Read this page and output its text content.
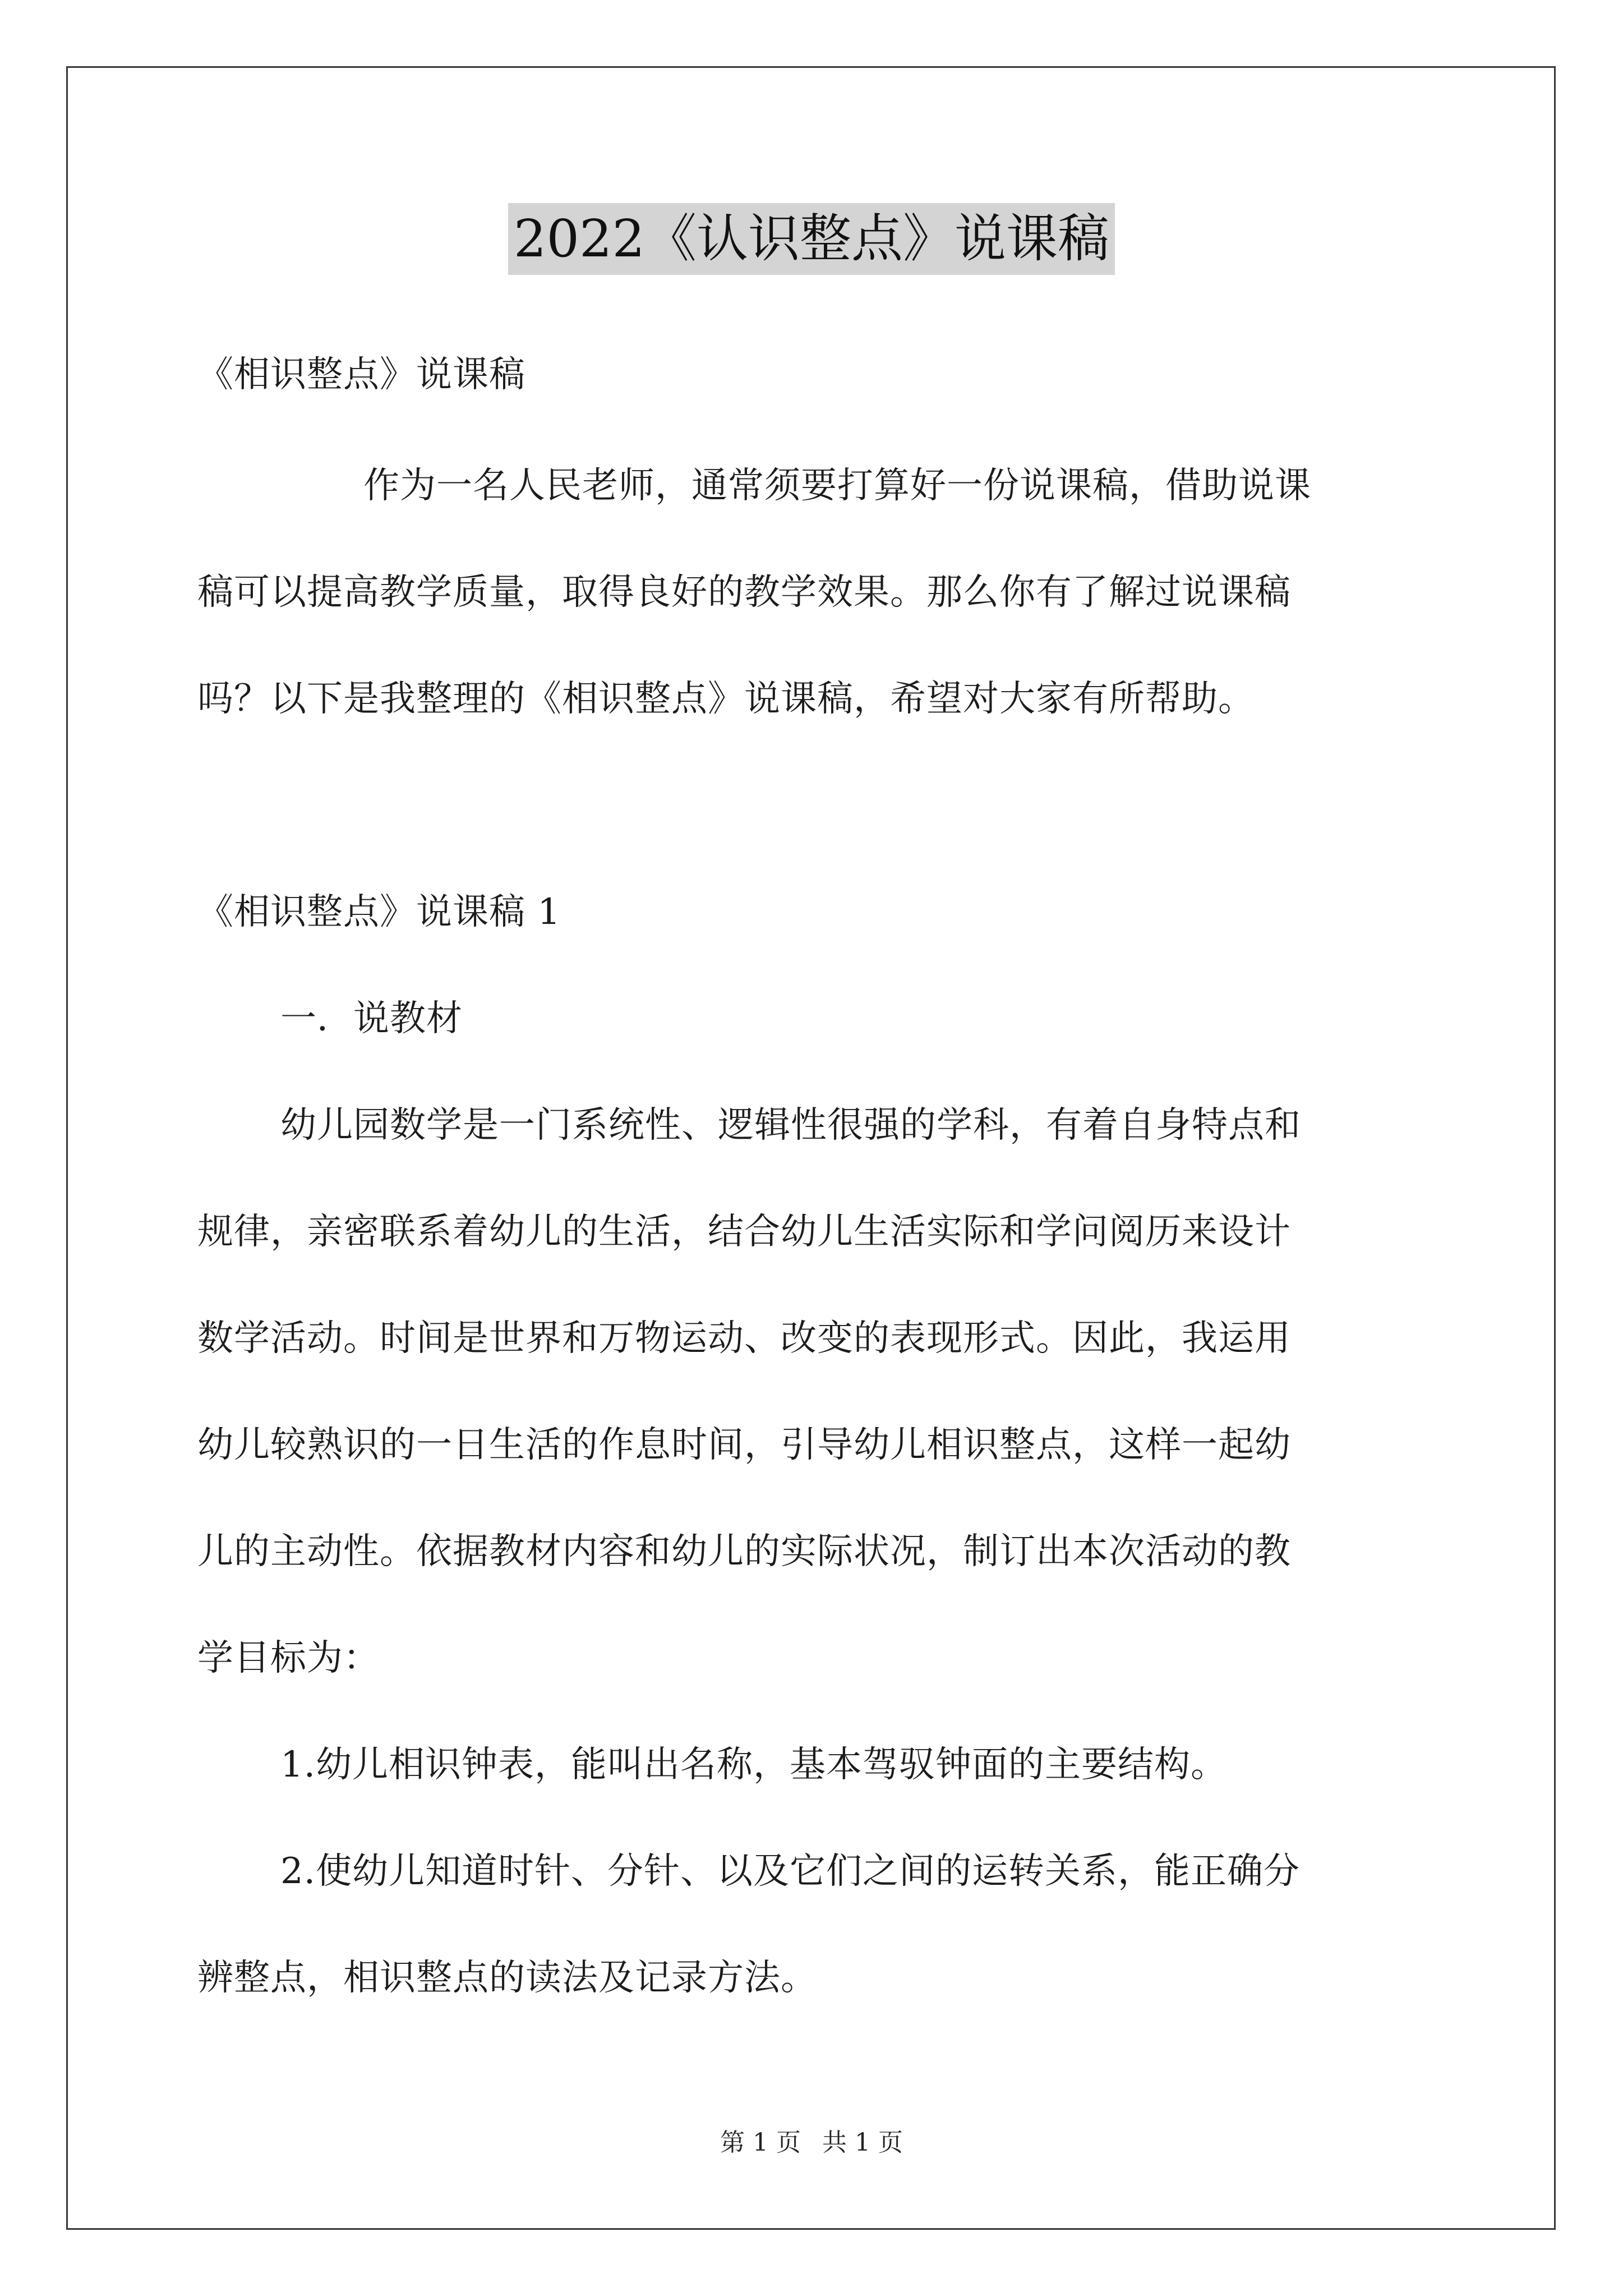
2022《认识整点》说课稿
《相识整点》说课稿
作为一名人民老师，通常须要打算好一份说课稿，借助说课
稿可以提高教学质量，取得良好的教学效果。那么你有了解过说课稿
吗？以下是我整理的《相识整点》说课稿，希望对大家有所帮助。
《相识整点》说课稿 1
一．说教材
幼儿园数学是一门系统性、逻辑性很强的学科，有着自身特点和
规律，亲密联系着幼儿的生活，结合幼儿生活实际和学问阅历来设计
数学活动。时间是世界和万物运动、改变的表现形式。因此，我运用
幼儿较熟识的一日生活的作息时间，引导幼儿相识整点，这样一起幼
儿的主动性。依据教材内容和幼儿的实际状况，制订出本次活动的教
学目标为：
1.幼儿相识钟表，能叫出名称，基本驾驭钟面的主要结构。
2.使幼儿知道时针、分针、以及它们之间的运转关系，能正确分
辨整点，相识整点的读法及记录方法。
第 1 页 共 1 页
